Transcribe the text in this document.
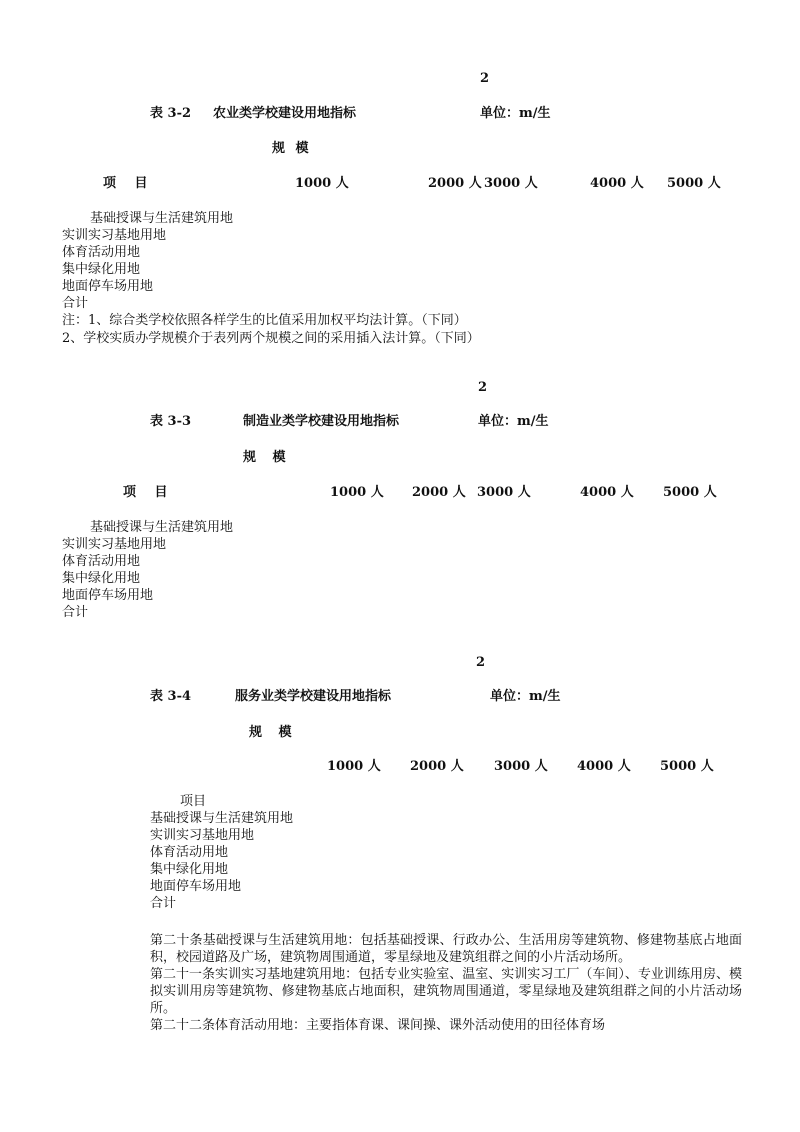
2
表 3-2 农业类学校建设用地指标	单位：m/生
规 模
项 目	1000 人	2000 人 3000 人	4000 人 5000 人
基础授课与生活建筑用地
实训实习基地用地
体育活动用地
集中绿化用地
地面停车场用地
合计
注：1、综合类学校依照各样学生的比值采用加权平均法计算。（下同）
2、学校实质办学规模介于表列两个规模之间的采用插入法计算。（下同）
2
表 3-3	制造业类学校建设用地指标	单位：m/生
规 模
项 目	1000 人 2000 人 3000 人	4000 人 5000 人
基础授课与生活建筑用地
实训实习基地用地
体育活动用地
集中绿化用地
地面停车场用地
合计
2
表 3-4	服务业类学校建设用地指标	单位：m/生
规 模
1000 人 2000 人 3000 人 4000 人 5000 人
项目
基础授课与生活建筑用地
实训实习基地用地
体育活动用地
集中绿化用地
地面停车场用地
合计
第二十条基础授课与生活建筑用地：包括基础授课、行政办公、生活用房等建筑物、修建物基底占地面积，校园道路及广场，建筑物周围通道，零星绿地及建筑组群之间的小片活动场所。
第二十一条实训实习基地建筑用地：包括专业实验室、温室、实训实习工厂（车间）、专业训练用房、模拟实训用房等建筑物、修建物基底占地面积，建筑物周围通道，零星绿地及建筑组群之间的小片活动场所。
第二十二条体育活动用地：主要指体育课、课间操、课外活动使用的田径体育场
